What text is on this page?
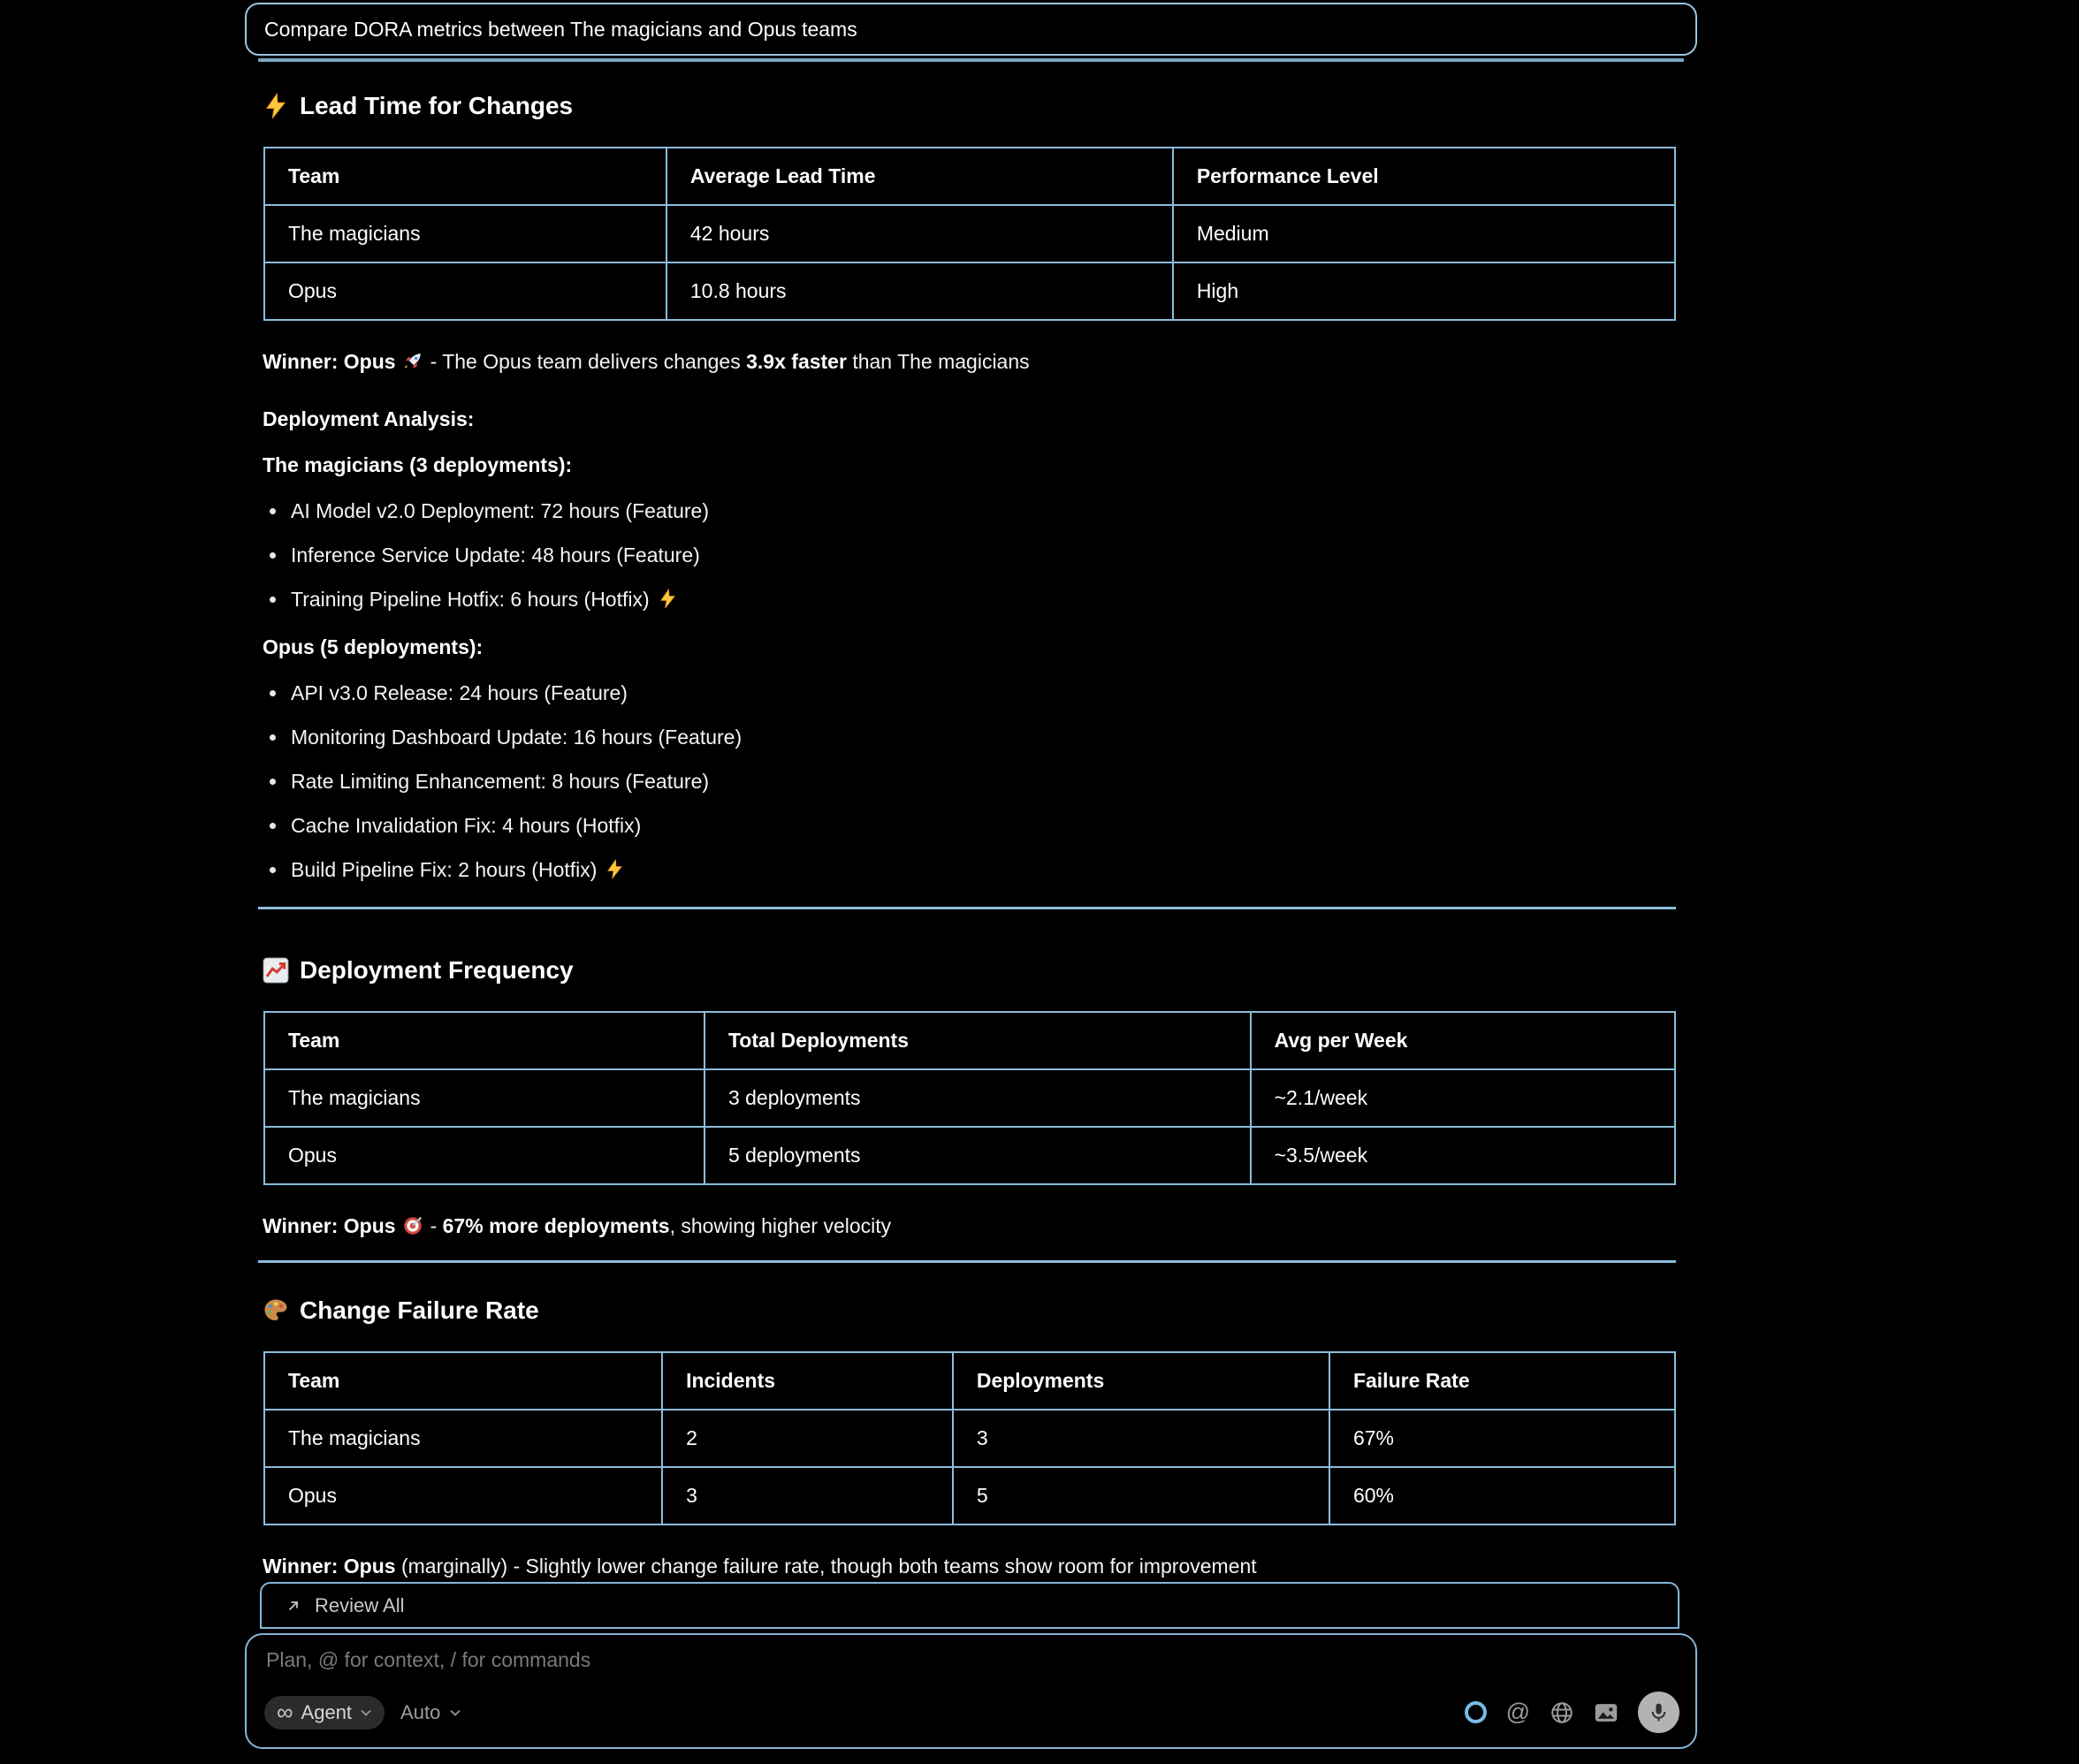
Compare DORA metrics between The magicians and Opus teams
Lead Time for Changes
Team	Average Lead Time	Performance Level
The magicians	42 hours	Medium
Opus	10.8 hours	High

Winner: Opus - The Opus team delivers changes 3.9x faster than The magicians

Deployment Analysis:

The magicians (3 deployments):

AI Model v2.0 Deployment: 72 hours (Feature)
Inference Service Update: 48 hours (Feature)
Training Pipeline Hotfix: 6 hours (Hotfix)

Opus (5 deployments):

API v3.0 Release: 24 hours (Feature)
Monitoring Dashboard Update: 16 hours (Feature)
Rate Limiting Enhancement: 8 hours (Feature)
Cache Invalidation Fix: 4 hours (Hotfix)
Build Pipeline Fix: 2 hours (Hotfix)
Deployment Frequency
Team	Total Deployments	Avg per Week
The magicians	3 deployments	~2.1/week
Opus	5 deployments	~3.5/week

Winner: Opus - 67% more deployments, showing higher velocity

Change Failure Rate
Team	Incidents	Deployments	Failure Rate
The magicians	2	3	67%
Opus	3	5	60%

Winner: Opus (marginally) - Slightly lower change failure rate, though both teams show room for improvement

Review All
Plan, @ for context, / for commands
∞ Agent	Auto	@
